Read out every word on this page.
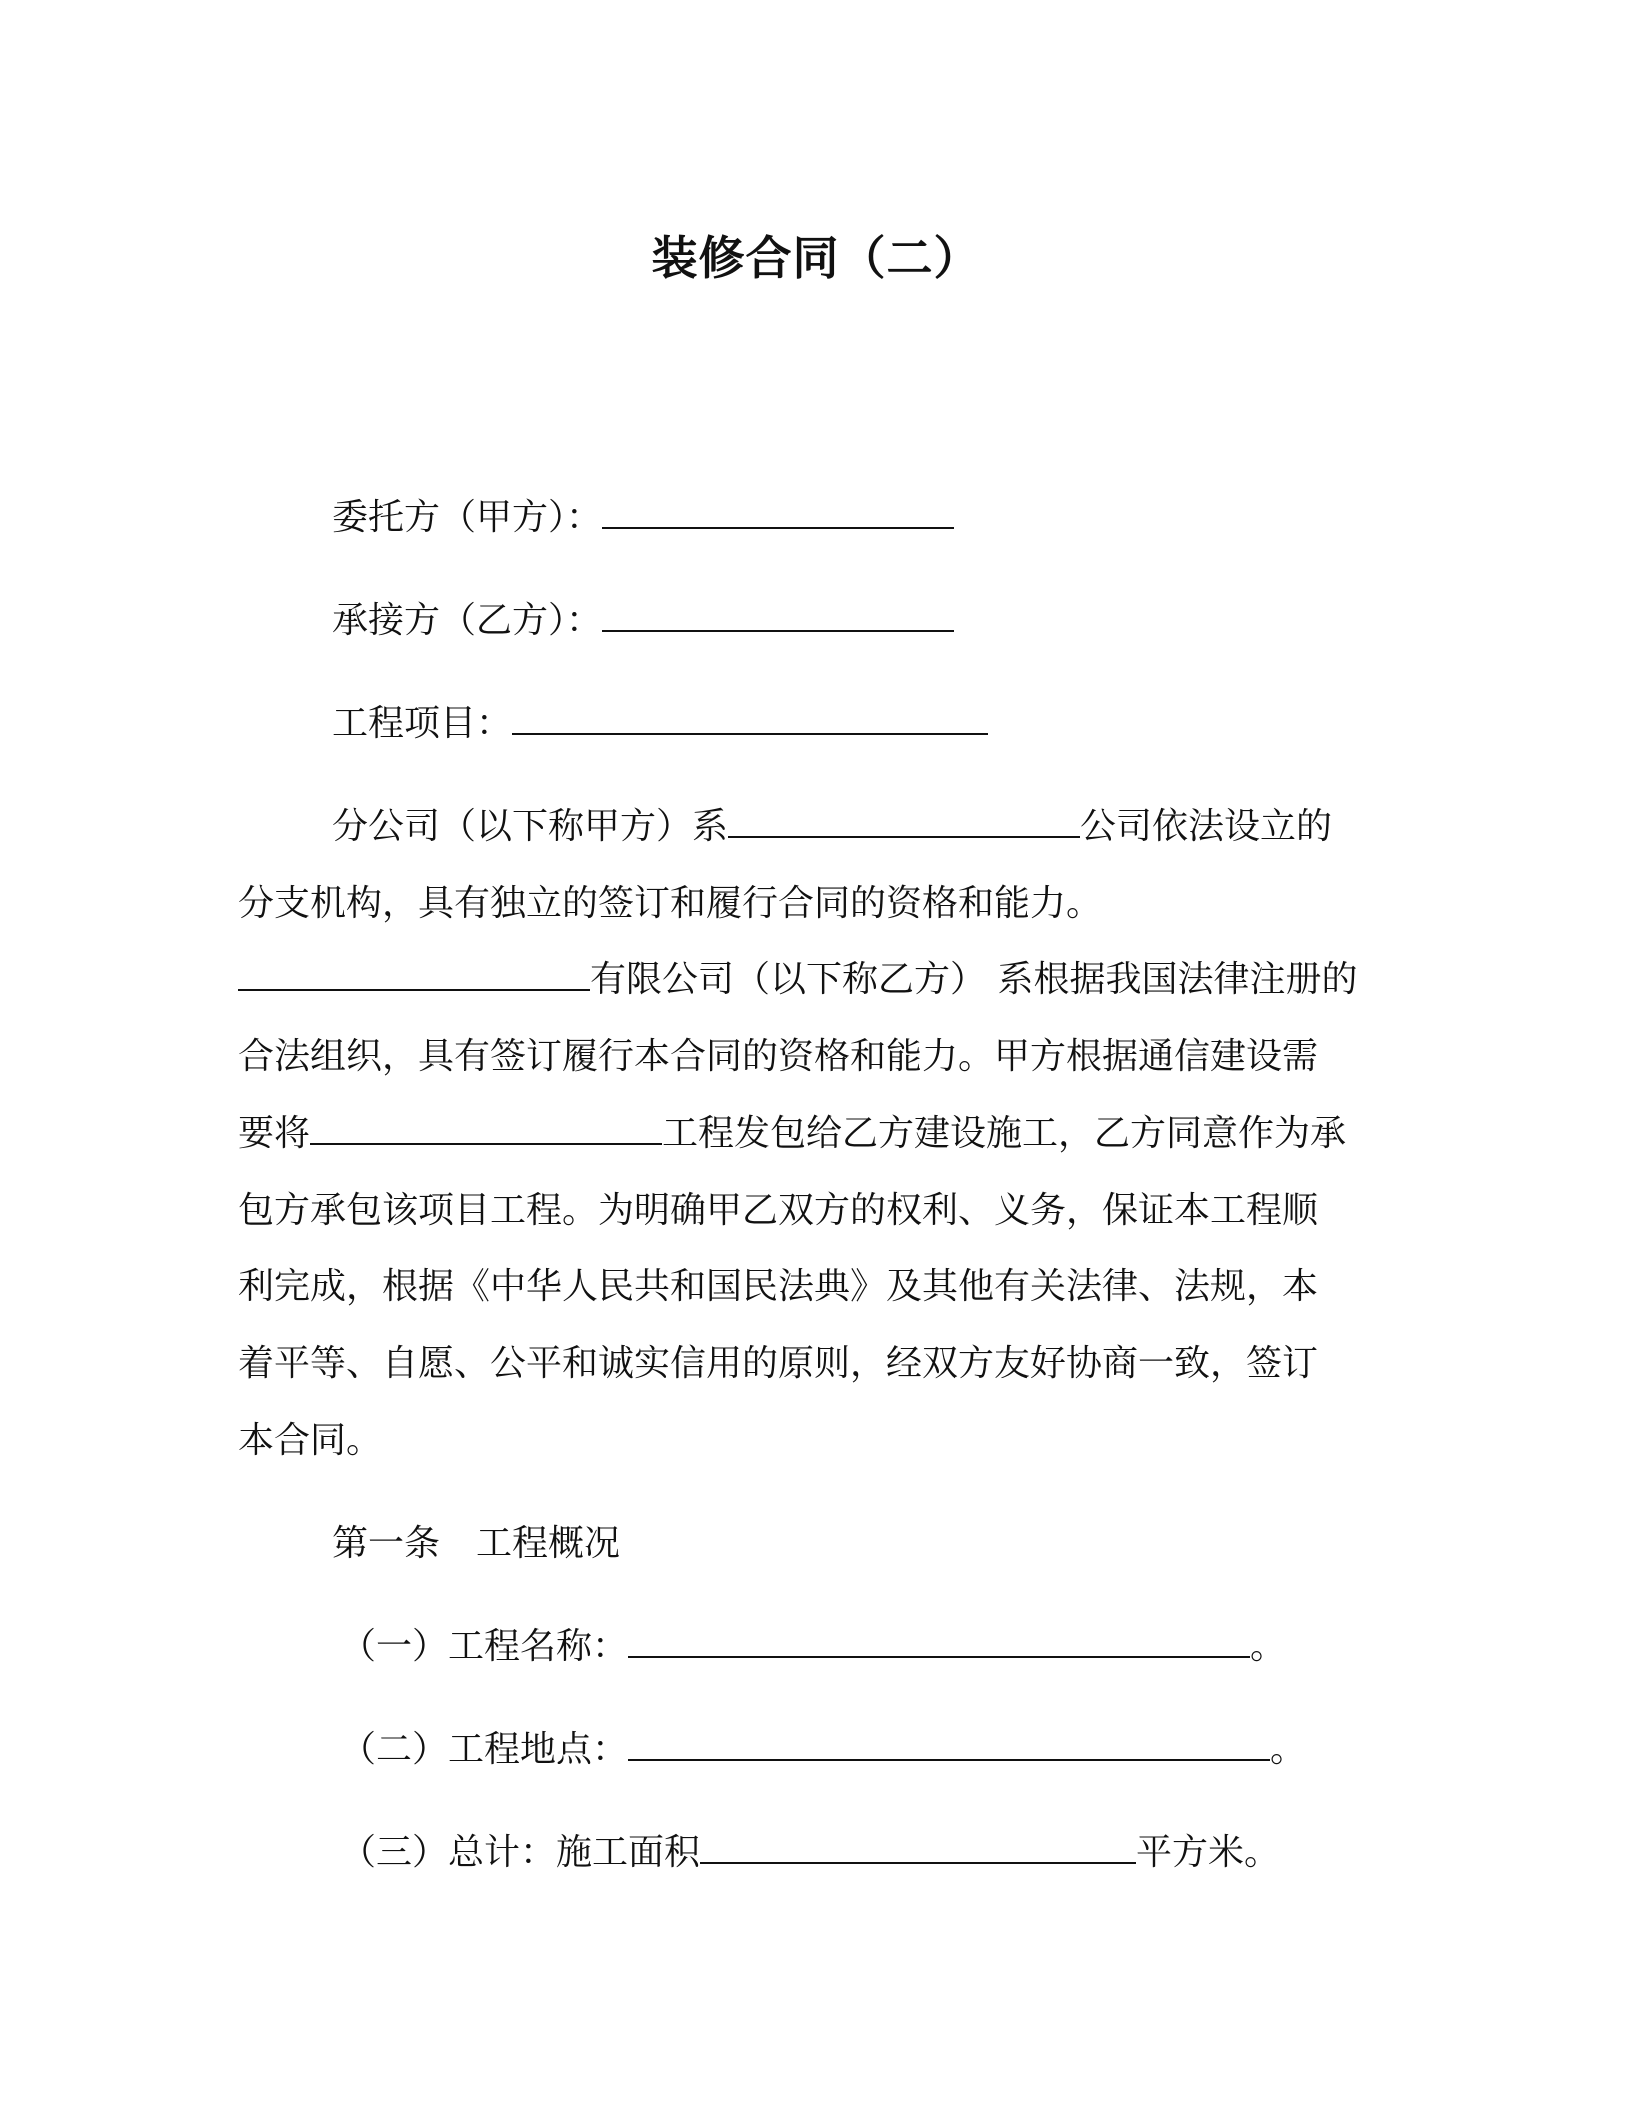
装修合同（二）
委托方（甲方）：
承接方（乙方）：
工程项目：
分公司（以下称甲方）系	公司依法设立的
分支机构，具有独立的签订和履行合同的资格和能力。
有限公司（以下称乙方） 系根据我国法律注册的
合法组织，具有签订履行本合同的资格和能力。甲方根据通信建设需
要将	工程发包给乙方建设施工，乙方同意作为承
包方承包该项目工程。为明确甲乙双方的权利、义务，保证本工程顺
利完成，根据《中华人民共和国民法典》及其他有关法律、法规，本
着平等、自愿、公平和诚实信用的原则，经双方友好协商一致，签订
本合同。
第一条　工程概况
（一）工程名称：	。
（二）工程地点：	。
（三）总计：施工面积	平方米。
